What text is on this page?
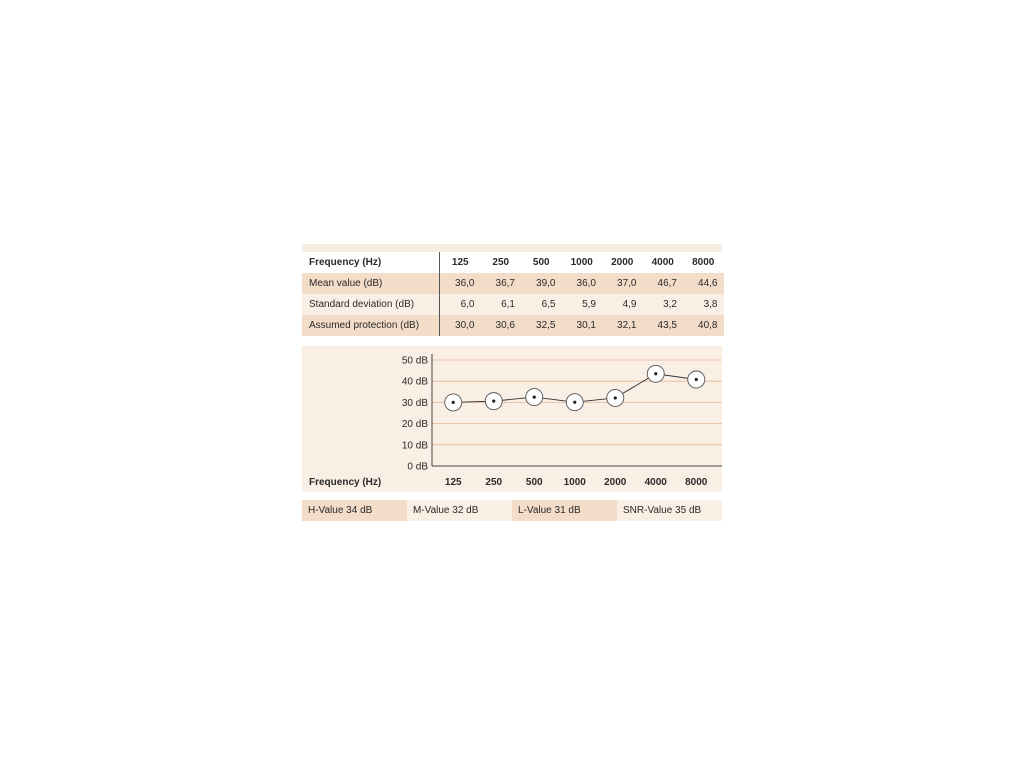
Frequency (Hz)	125	250	500	1000	2000	4000	8000
Mean value (dB)	36,0	36,7	39,0	36,0	37,0	46,7	44,6
Standard deviation (dB)	6,0	6,1	6,5	5,9	4,9	3,2	3,8
Assumed protection (dB)	30,0	30,6	32,5	30,1	32,1	43,5	40,8
0 dB
10 dB
20 dB
30 dB
40 dB
50 dB
Frequency (Hz)	125 250 500 1000 2000 4000 8000
H-Value 34 dB	M-Value 32 dB	L-Value 31 dB	SNR-Value 35 dB
